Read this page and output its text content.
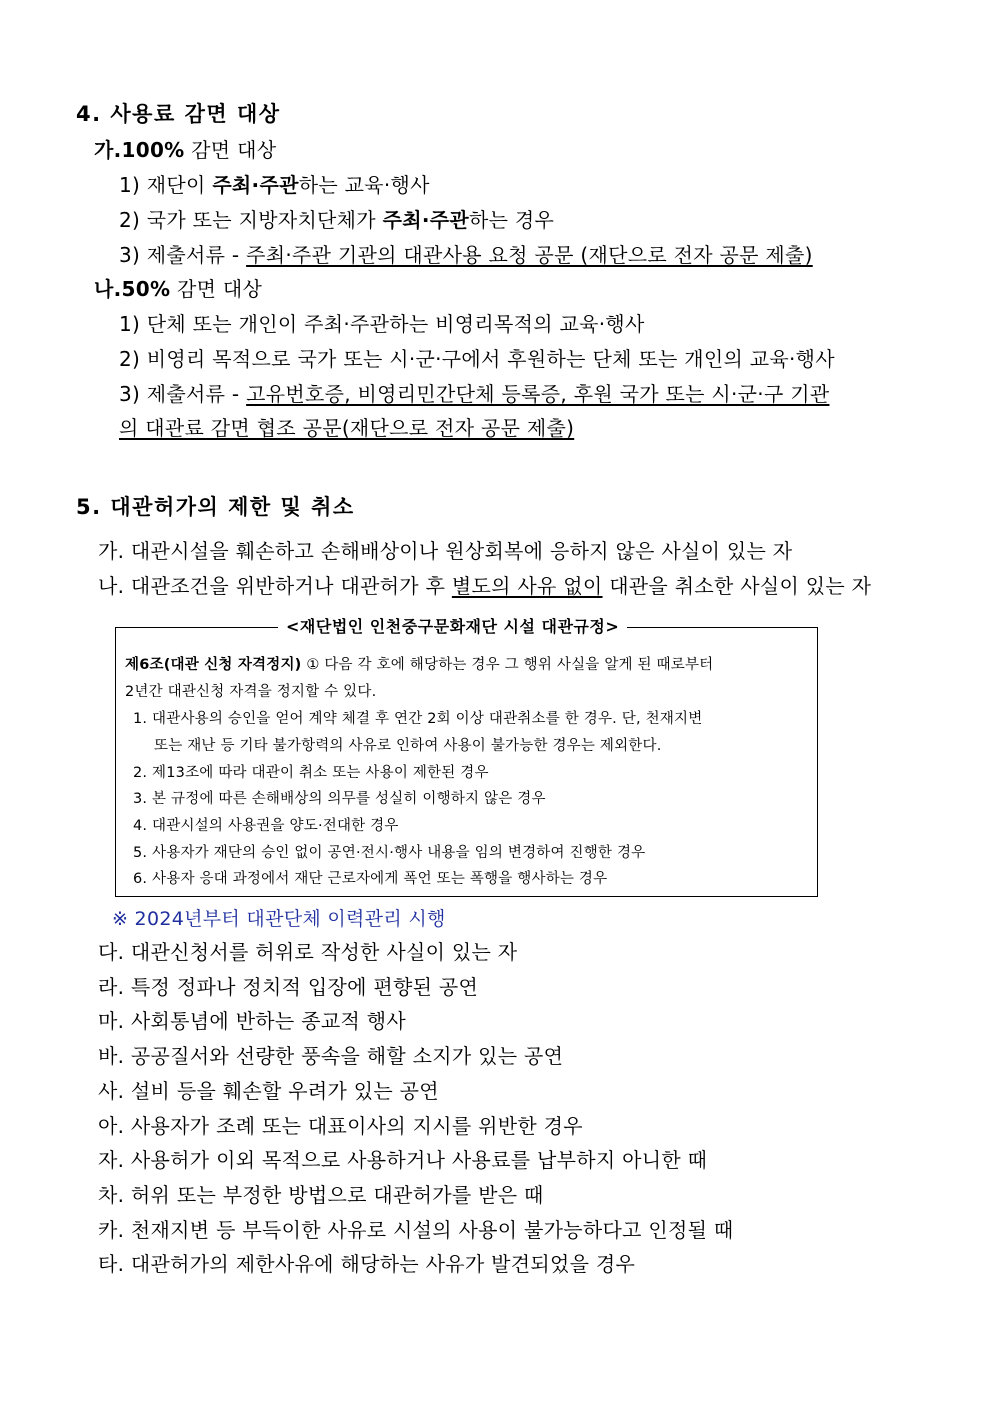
4. 사용료 감면 대상
가.100% 감면 대상
1) 재단이 주최·주관하는 교육·행사
2) 국가 또는 지방자치단체가 주최·주관하는 경우
3) 제출서류 - 주최·주관 기관의 대관사용 요청 공문 (재단으로 전자 공문 제출)
나.50% 감면 대상
1) 단체 또는 개인이 주최·주관하는 비영리목적의 교육·행사
2) 비영리 목적으로 국가 또는 시·군·구에서 후원하는 단체 또는 개인의 교육·행사
3) 제출서류 - 고유번호증, 비영리민간단체 등록증, 후원 국가 또는 시·군·구 기관
의 대관료 감면 협조 공문(재단으로 전자 공문 제출)
5. 대관허가의 제한 및 취소
가. 대관시설을 훼손하고 손해배상이나 원상회복에 응하지 않은 사실이 있는 자
나. 대관조건을 위반하거나 대관허가 후 별도의 사유 없이 대관을 취소한 사실이 있는 자
<재단법인 인천중구문화재단 시설 대관규정>
제6조(대관 신청 자격정지) ① 다음 각 호에 해당하는 경우 그 행위 사실을 알게 된 때로부터
2년간 대관신청 자격을 정지할 수 있다.
1. 대관사용의 승인을 얻어 계약 체결 후 연간 2회 이상 대관취소를 한 경우. 단, 천재지변
또는 재난 등 기타 불가항력의 사유로 인하여 사용이 불가능한 경우는 제외한다.
2. 제13조에 따라 대관이 취소 또는 사용이 제한된 경우
3. 본 규정에 따른 손해배상의 의무를 성실히 이행하지 않은 경우
4. 대관시설의 사용권을 양도·전대한 경우
5. 사용자가 재단의 승인 없이 공연·전시·행사 내용을 임의 변경하여 진행한 경우
6. 사용자 응대 과정에서 재단 근로자에게 폭언 또는 폭행을 행사하는 경우
※ 2024년부터 대관단체 이력관리 시행
다. 대관신청서를 허위로 작성한 사실이 있는 자
라. 특정 정파나 정치적 입장에 편향된 공연
마. 사회통념에 반하는 종교적 행사
바. 공공질서와 선량한 풍속을 해할 소지가 있는 공연
사. 설비 등을 훼손할 우려가 있는 공연
아. 사용자가 조례 또는 대표이사의 지시를 위반한 경우
자. 사용허가 이외 목적으로 사용하거나 사용료를 납부하지 아니한 때
차. 허위 또는 부정한 방법으로 대관허가를 받은 때
카. 천재지변 등 부득이한 사유로 시설의 사용이 불가능하다고 인정될 때
타. 대관허가의 제한사유에 해당하는 사유가 발견되었을 경우
